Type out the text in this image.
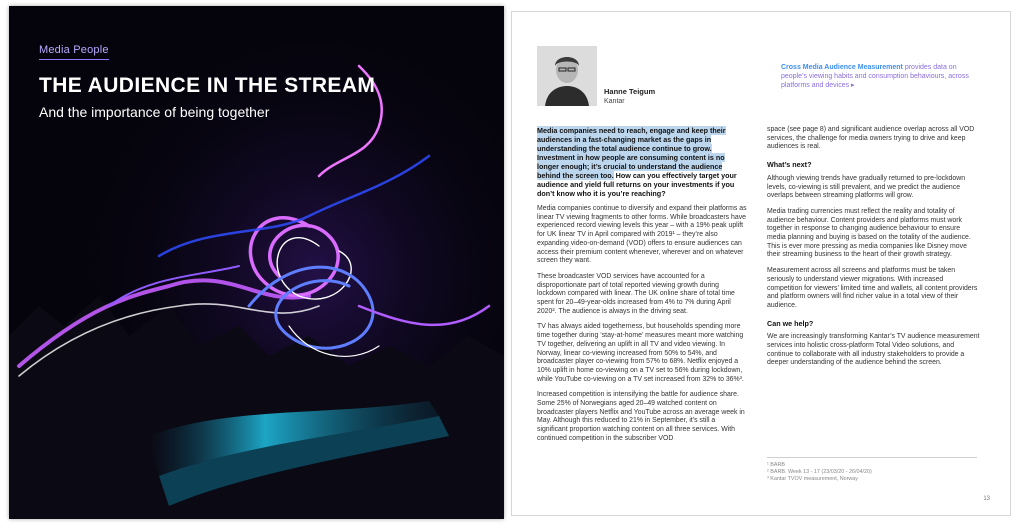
Media People
THE AUDIENCE IN THE STREAM
And the importance of being together
Hanne Teigum
Kantar
Cross Media Audience Measurement provides data on people’s viewing habits and consumption behaviours, across platforms and devices ▸

Media companies need to reach, engage and keep their audiences in a fast-changing market as the gaps in understanding the total audience continue to grow. Investment in how people are consuming content is no longer enough; it’s crucial to understand the audience behind the screen too. How can you effectively target your audience and yield full returns on your investments if you don’t know who it is you’re reaching?

Media companies continue to diversify and expand their platforms as linear TV viewing fragments to other forms. While broadcasters have experienced record viewing levels this year – with a 19% peak uplift for UK linear TV in April compared with 2019¹ – they’re also expanding video-on-demand (VOD) offers to ensure audiences can access their premium content whenever, wherever and on whatever screen they want.

These broadcaster VOD services have accounted for a disproportionate part of total reported viewing growth during lockdown compared with linear. The UK online share of total time spent for 20–49-year-olds increased from 4% to 7% during April 2020². The audience is always in the driving seat.

TV has always aided togetherness, but households spending more time together during ‘stay-at-home’ measures meant more watching TV together, delivering an uplift in all TV and video viewing. In Norway, linear co-viewing increased from 50% to 54%, and broadcaster player co-viewing from 57% to 68%. Netflix enjoyed a 10% uplift in home co-viewing on a TV set to 56% during lockdown, while YouTube co-viewing on a TV set increased from 32% to 36%³.

Increased competition is intensifying the battle for audience share. Some 25% of Norwegians aged 20–49 watched content on broadcaster players Netflix and YouTube across an average week in May. Although this reduced to 21% in September, it’s still a significant proportion watching content on all three services. With continued competition in the subscriber VOD

space (see page 8) and significant audience overlap across all VOD services, the challenge for media owners trying to drive and keep audiences is real.

What’s next?

Although viewing trends have gradually returned to pre-lockdown levels, co-viewing is still prevalent, and we predict the audience overlaps between streaming platforms will grow.

Media trading currencies must reflect the reality and totality of audience behaviour. Content providers and platforms must work together in response to changing audience behaviour to ensure media planning and buying is based on the totality of the audience. This is ever more pressing as media companies like Disney move their streaming business to the heart of their growth strategy.

Measurement across all screens and platforms must be taken seriously to understand viewer migrations. With increased competition for viewers’ limited time and wallets, all content providers and platform owners will find richer value in a total view of their audience.

Can we help?

We are increasingly transforming Kantar’s TV audience measurement services into holistic cross-platform Total Video solutions, and continue to collaborate with all industry stakeholders to provide a deeper understanding of the audience behind the screen.

¹ BARB
² BARB. Week 13 - 17 (23/03/20 - 26/04/20)
³ Kantar TVOV measurement, Norway
13
